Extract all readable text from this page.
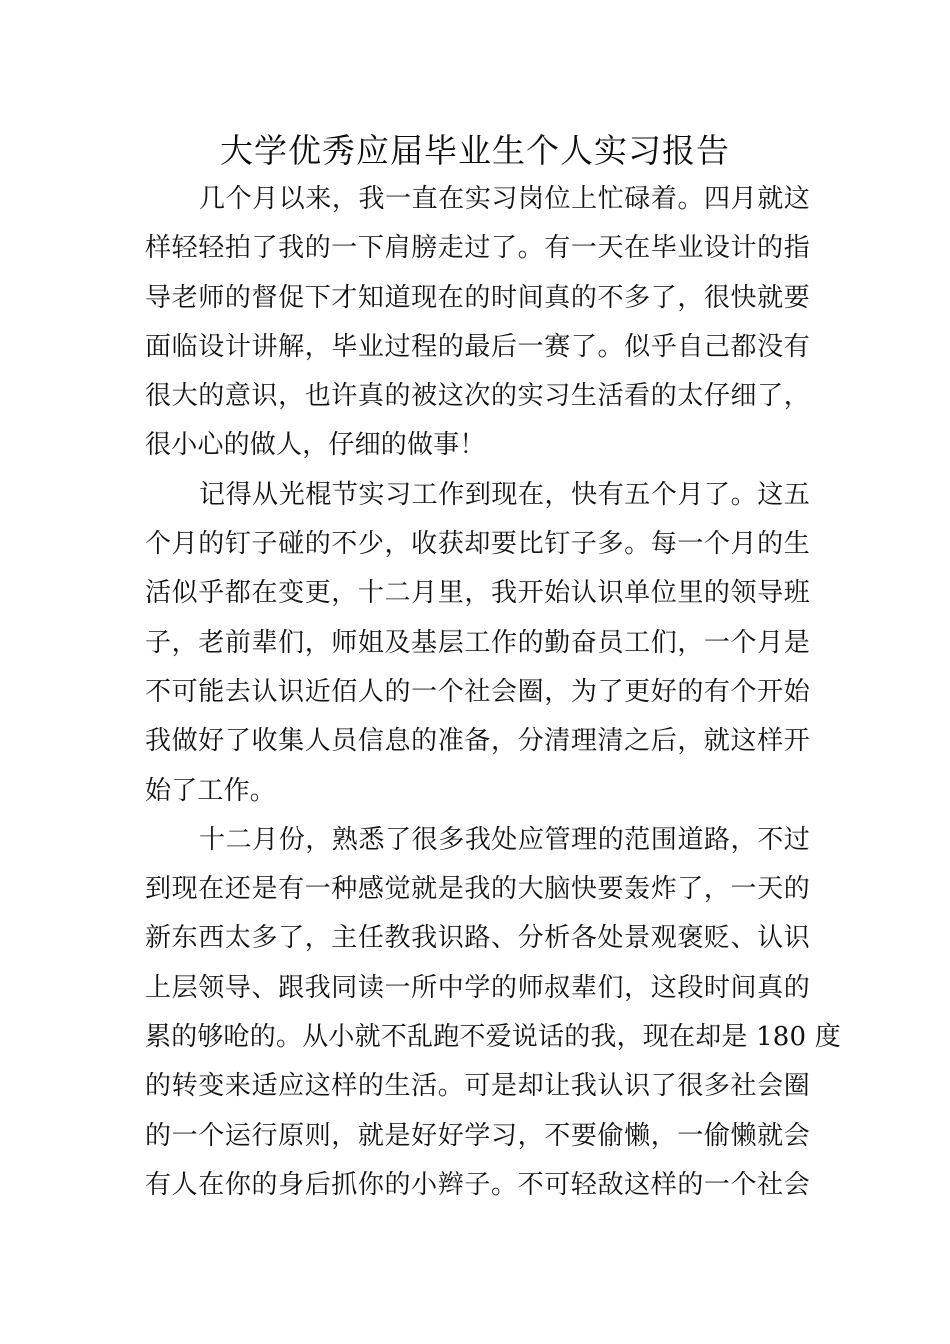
大学优秀应届毕业生个人实习报告
几个月以来，我一直在实习岗位上忙碌着。四月就这
样轻轻拍了我的一下肩膀走过了。有一天在毕业设计的指
导老师的督促下才知道现在的时间真的不多了，很快就要
面临设计讲解，毕业过程的最后一赛了。似乎自己都没有
很大的意识，也许真的被这次的实习生活看的太仔细了，
很小心的做人，仔细的做事！
记得从光棍节实习工作到现在，快有五个月了。这五
个月的钉子碰的不少，收获却要比钉子多。每一个月的生
活似乎都在变更，十二月里，我开始认识单位里的领导班
子，老前辈们，师姐及基层工作的勤奋员工们，一个月是
不可能去认识近佰人的一个社会圈，为了更好的有个开始
我做好了收集人员信息的准备，分清理清之后，就这样开
始了工作。
十二月份，熟悉了很多我处应管理的范围道路，不过
到现在还是有一种感觉就是我的大脑快要轰炸了，一天的
新东西太多了，主任教我识路、分析各处景观褒贬、认识
上层领导、跟我同读一所中学的师叔辈们，这段时间真的
累的够呛的。从小就不乱跑不爱说话的我，现在却是 180 度
的转变来适应这样的生活。可是却让我认识了很多社会圈
的一个运行原则，就是好好学习，不要偷懒，一偷懒就会
有人在你的身后抓你的小辫子。不可轻敌这样的一个社会
